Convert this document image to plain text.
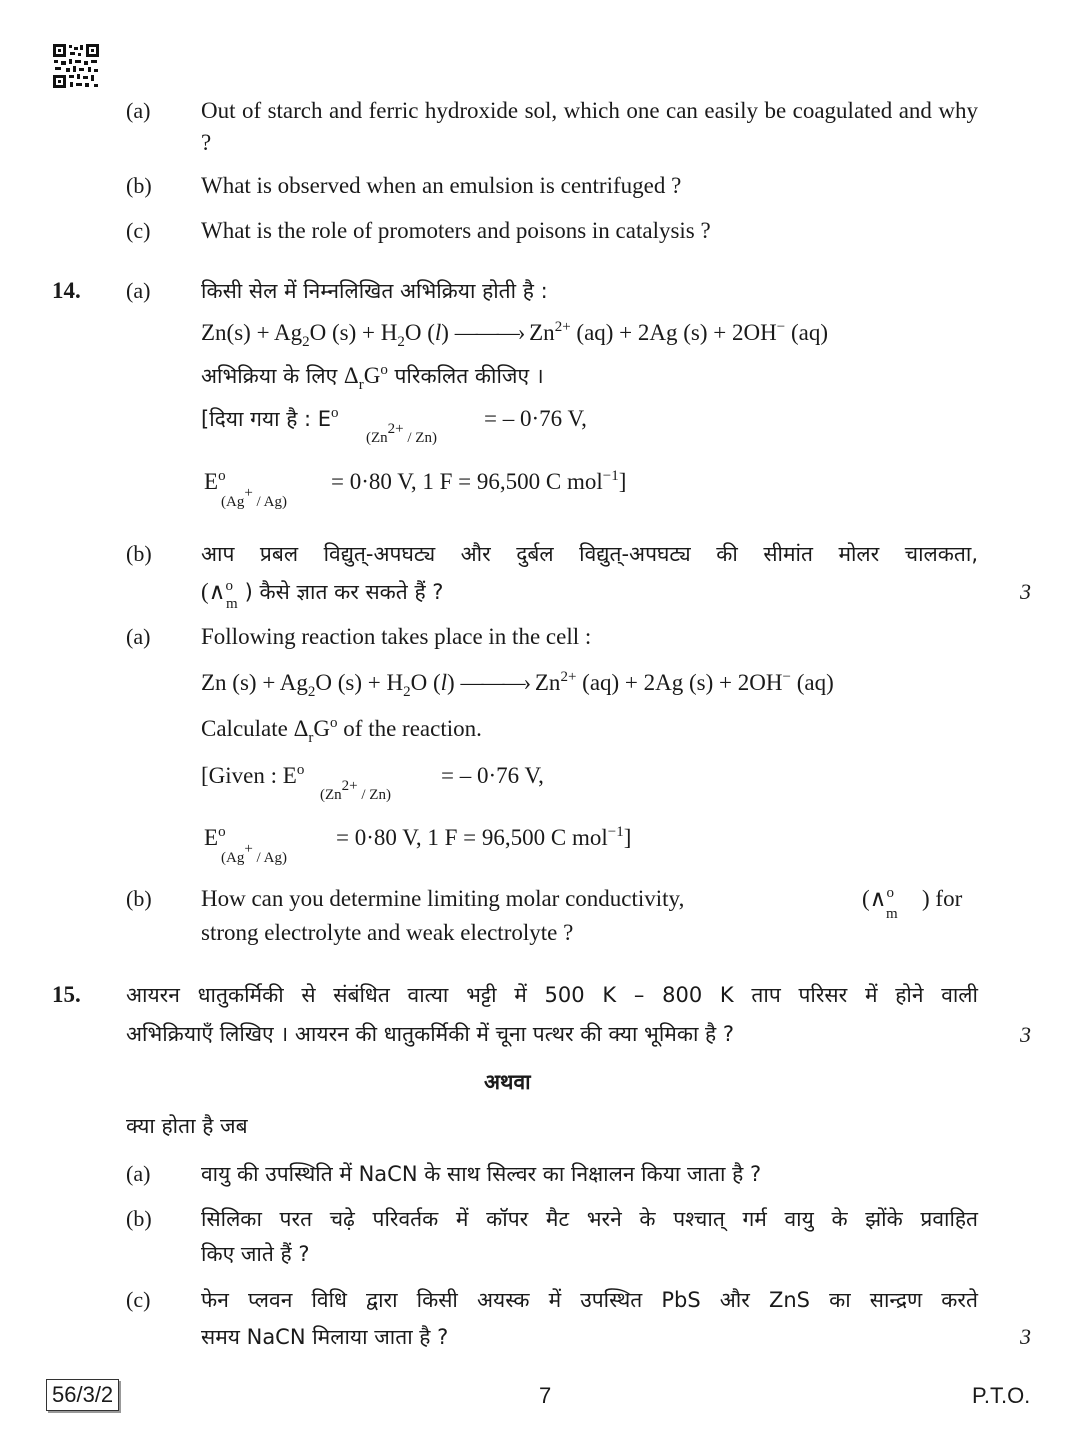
(a) Out of starch and ferric hydroxide sol, which one can easily be coagulated and why ?
(b) What is observed when an emulsion is centrifuged ?
(c) What is the role of promoters and poisons in catalysis ?
14. (a) किसी सेल में निम्नलिखित अभिक्रिया होती है :
$Zn(s) + Ag_2O$ $(s) + H_2O$ (l) ———› $Zn^{2+}$ (aq) + 2Ag (s) + 2OH− (aq)
अभिक्रिया के लिए $\Delta_rG^o$ परिकलित कीजिए ।
[दिया गया है : $E^o$
$(Zn^{2+} / Zn)$
= – 0·76 V,
$E^o$
(Ag+ / Ag)
= 0·80 V, 1 F = 96,500 C mol$^{-1}$]
(b) आप प्रबल विद्युत्-अपघट्य और दुर्बल विद्युत्-अपघट्य की सीमांत मोलर चालकता,
(∧$^o_m$ ) कैसे ज्ञात कर सकते हैं ?	3
(a) Following reaction takes place in the cell :
Zn $(s) + Ag_2O$ $(s) + H_2O$ (l) ———› $Zn^{2+}$ (aq) + 2Ag (s) + 2OH− (aq)
Calculate $\Delta_rG^o$ of the reaction.
[Given : $E^o$
$(Zn^{2+} / Zn)$
= – 0·76 V,
$E^o$
(Ag+ / Ag)
= 0·80 V, 1 F = 96,500 C mol$^{-1}$]
(b) How can you determine limiting molar conductivity,	(∧$^o_m$
) for
strong electrolyte and weak electrolyte ?
15. आयरन धातुकर्मिकी से संबंधित वात्या भट्टी में 500 K – 800 K ताप परिसर में होने वाली
अभिक्रियाएँ लिखिए । आयरन की धातुकर्मिकी में चूना पत्थर की क्या भूमिका है ?	3
अथवा
क्या होता है जब
(a) वायु की उपस्थिति में NaCN के साथ सिल्वर का निक्षालन किया जाता है ?
(b) सिलिका परत चढ़े परिवर्तक में कॉपर मैट भरने के पश्चात् गर्म वायु के झोंके प्रवाहित
किए जाते हैं ?
(c) फेन प्लवन विधि द्वारा किसी अयस्क में उपस्थित PbS और ZnS का सान्द्रण करते
समय NaCN मिलाया जाता है ?	3
56/3/2	7	P.T.O.
